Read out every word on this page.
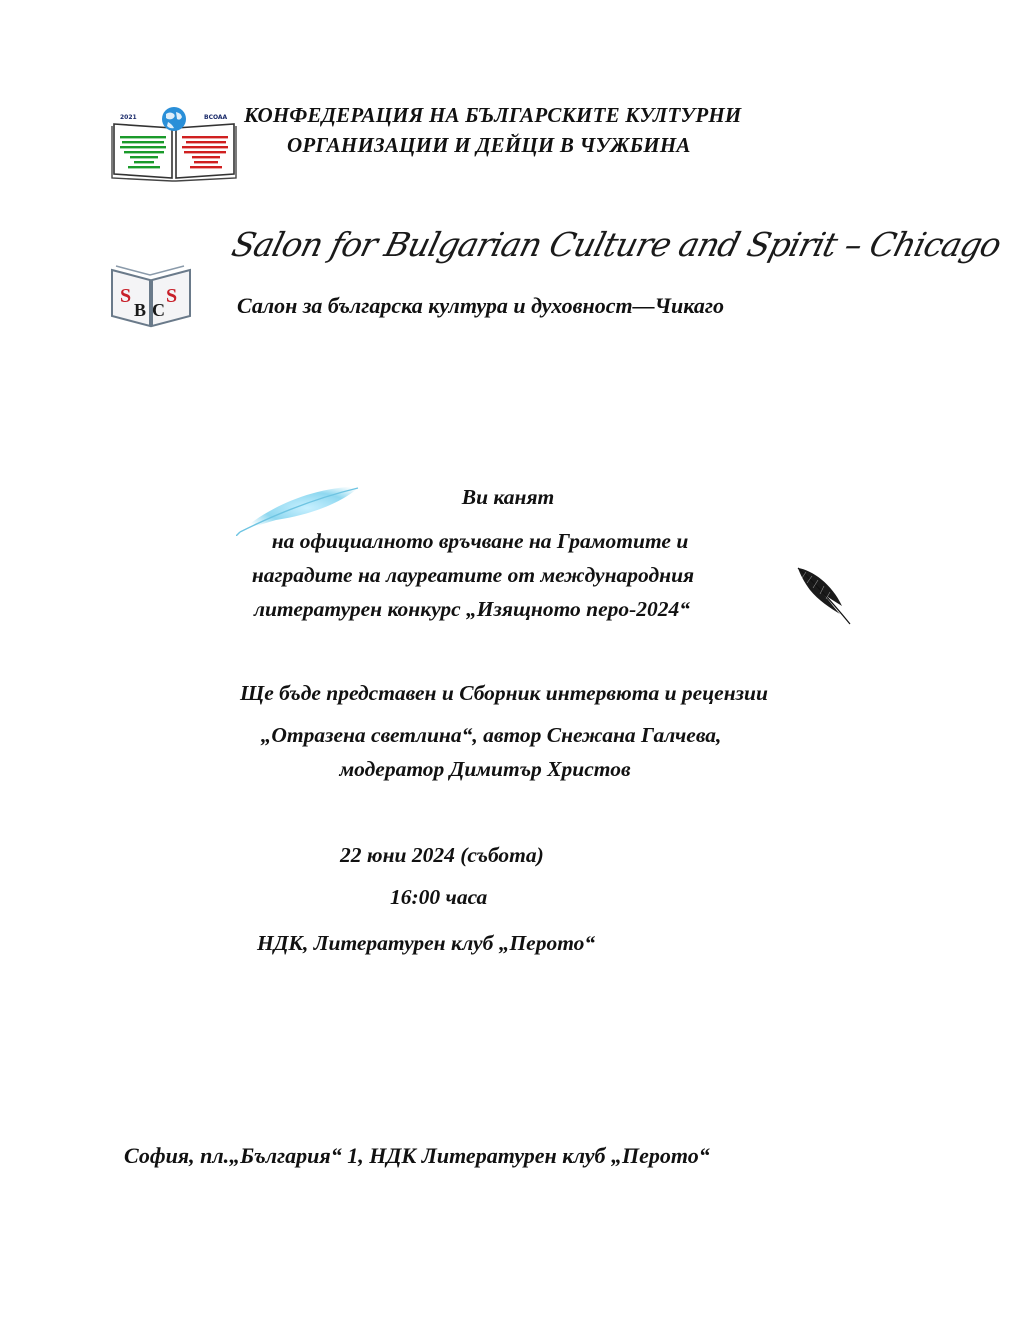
2021	BCOAA КОНФЕДЕРАЦИЯ НА БЪЛГАРСКИТЕ КУЛТУРНИ
ОРГАНИЗАЦИИ И ДЕЙЦИ В ЧУЖБИНА
Salon for Bulgarian Culture and Spirit – Chicago
S
B C
S	Салон за българска култура и духовност—Чикаго
Ви канят
на официалното връчване на Грамотите и
наградите на лауреатите от международния
литературен конкурс „Изящното перо-2024“
Ще бъде представен и Сборник интервюта и рецензии
„Отразена светлина“, автор Снежана Галчева,
модератор Димитър Христов
22 юни 2024 (събота)
16:00 часа
НДК, Литературен клуб „Перото“
София, пл.„България“ 1, НДК Литературен клуб „Перото“
